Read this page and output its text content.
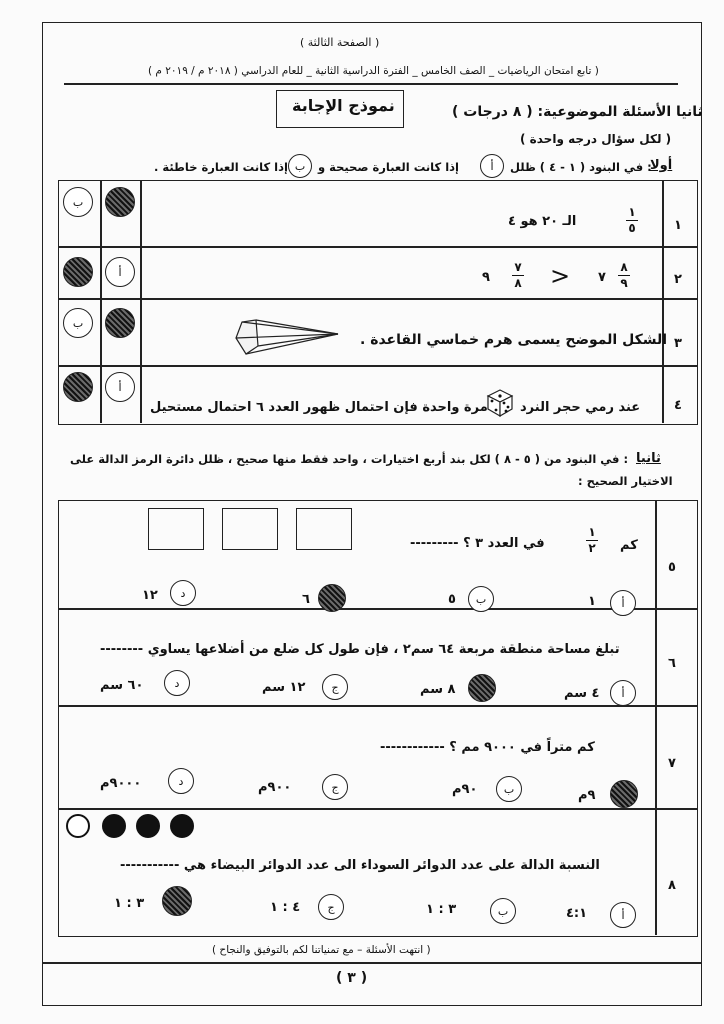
( الصفحة الثالثة )
( تابع امتحان الرياضيات _ الصف الخامس _ الفترة الدراسية الثانية _ للعام الدراسي ( ٢٠١٨ م / ٢٠١٩ م )
نموذج الإجابة	ثانيا الأسئلة الموضوعية: ( ٨ درجات )
( لكل سؤال درجه واحدة )
أولا
: في البنود ( ١ - ٤ ) ظلل
أ
إذا كانت العبارة صحيحة و
ب
إذا كانت العبارة خاطئة .
١
١
٥
الـ ٢٠ هو ٤
ب
٢
٨
٩
٧
<
٧
٨
٩
أ
٣
الشكل الموضح يسمى هرم خماسي القاعدة .
ب
٤
عند رمي حجر النرد
مرة واحدة فإن احتمال ظهور العدد ٦ احتمال مستحيل
أ
ثانيا
: في البنود من ( ٥ - ٨ ) لكل بند أربع اختيارات ، واحد فقط منها صحيح ، ظلل دائرة الرمز الدالة على
الاختيار الصحيح :
٥
كم
١
٢
في العدد ٣ ؟ ---------
أ
١
ب
٥
٦
د
١٢
٦
تبلغ مساحة منطقة مربعة ٦٤ سم٢ ، فإن طول كل ضلع من أضلاعها يساوي --------
أ
٤ سم
٨ سم
ج
١٢ سم
د
٦٠ سم
٧
كم متراً في ٩٠٠٠ مم ؟ ------------
٩م
ب
٩٠م
ج
٩٠٠م
د
٩٠٠٠م
٨
النسبة الدالة على عدد الدوائر السوداء الى عدد الدوائر البيضاء هي -----------
أ
٤:١
ب
٣ : ١
ج
٤ : ١
٣ : ١
( انتهت الأسئلة – مع تمنياتنا لكم بالتوفيق والنجاح )
( ٣ )
